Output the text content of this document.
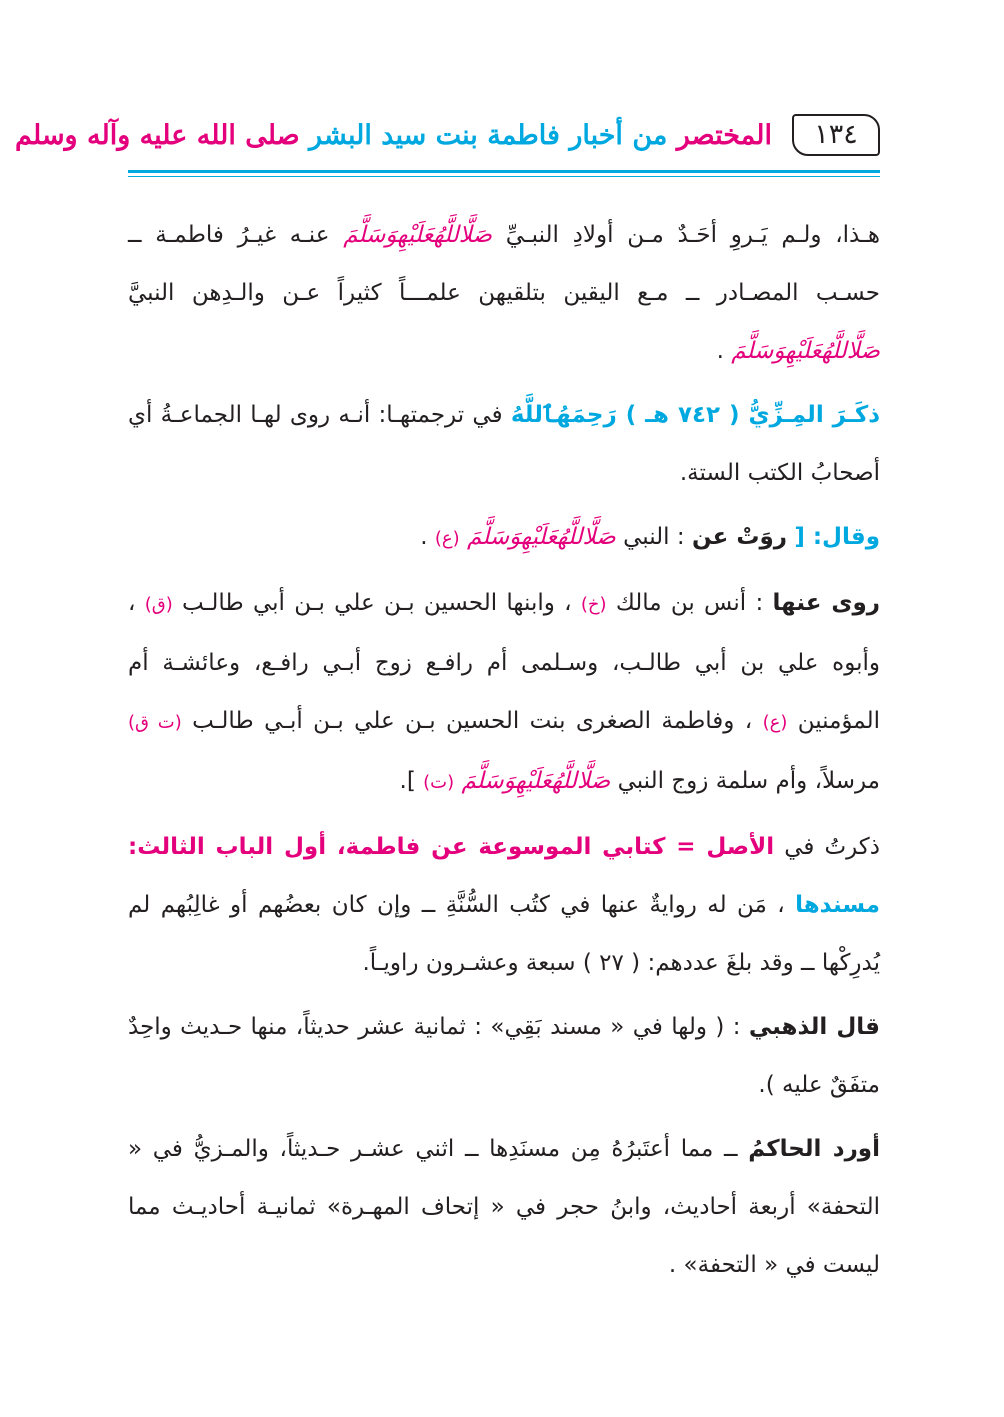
١٣٤
المختصر من أخبار فاطمة بنت سيد البشر صلى الله عليه وآله وسلم

هـذا، ولـم يَـروِ أحَـدٌ مـن أولادِ النبـيِّ صَلَّاللَّهُعَلَيْهِوَسَلَّمَ عنـه غيـرُ فاطمـة ــ حسـب المصـادر ــ مـع اليقين بتلقيهن علمـــاً كثيراً عـن والـدِهن النبيَّ صَلَّاللَّهُعَلَيْهِوَسَلَّمَ .

ذكَـرَ المِـزِّيُّ ( ٧٤٢ هـ ) رَحِمَهُٱللَّهُ في ترجمتهـا: أنـه روى لهـا الجماعـةُ أي أصحابُ الكتب الستة.

وقال: [ روَتْ عن : النبي صَلَّاللَّهُعَلَيْهِوَسَلَّمَ (ع) .

روى عنها : أنس بن مالك (خ) ، وابنها الحسين بـن علي بـن أبي طالـب (ق) ، وأبوه علي بن أبي طالـب، وسـلمى أم رافـع زوج أبـي رافـع، وعائشـة أم المؤمنين (ع) ، وفاطمة الصغرى بنت الحسين بـن علي بـن أبـي طالـب (ت ق) مرسلاً، وأم سلمة زوج النبي صَلَّاللَّهُعَلَيْهِوَسَلَّمَ (ت) ].

ذكرتُ في الأصل = كتابي الموسوعة عن فاطمة، أول الباب الثالث: مسندها ، مَن له روايةٌ عنها في كتُب السُّنَّةِ ــ وإن كان بعضُهم أو غالِبُهم لم يُدرِكْها ــ وقد بلغَ عددهم: ( ٢٧ ) سبعة وعشـرون راويـاً.

قال الذهبي : ( ولها في « مسند بَقِي» : ثمانية عشر حديثاً، منها حـديث واحِدٌ متفَقٌ عليه ).

أورد الحاكمُ ــ مما أعتَبرُهُ مِن مسنَدِها ــ اثني عشـر حـديثاً، والمـزيُّ في « التحفة» أربعة أحاديث، وابنُ حجر في « إتحاف المهـرة» ثمانيـة أحاديـث مما ليست في « التحفة» .
